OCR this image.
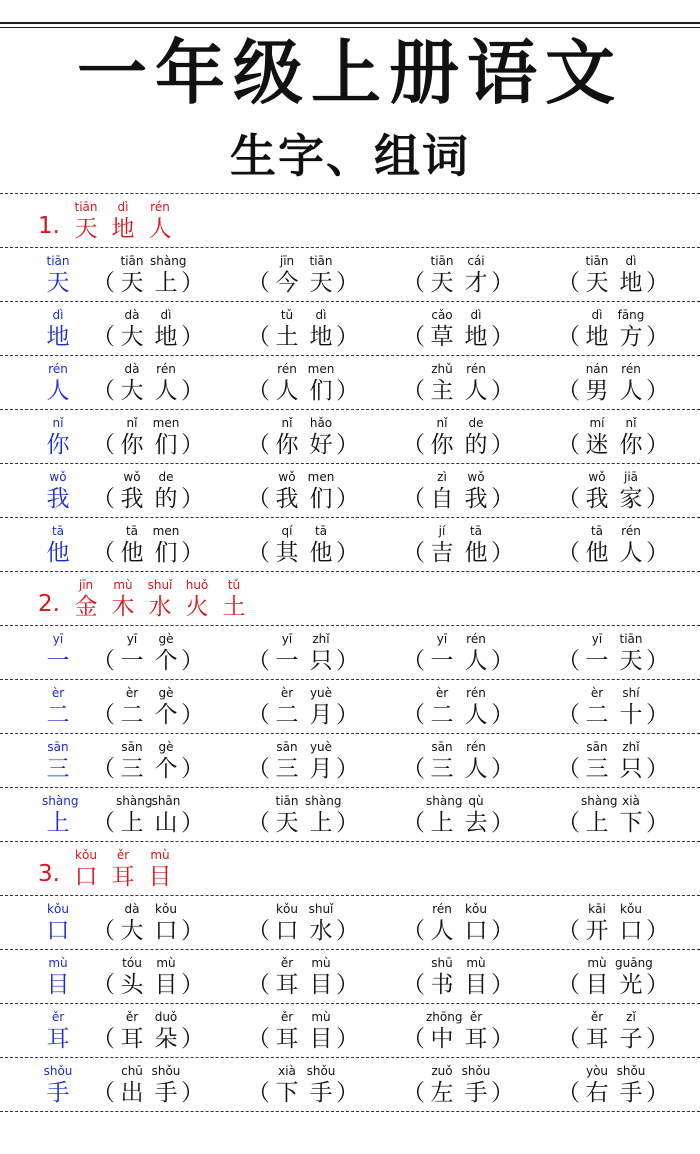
一年级上册语文
生字、组词
1.
tiān
天
dì
地
rén
人
tiān
天 （
tiān
天
shàng
上 ） （
jīn
今
tiān
天 ） （
tiān
天
cái
才 ） （
tiān
天
dì
地 ）
dì
地 （
dà
大
dì
地 ） （
tǔ
土
dì
地 ） （
cǎo
草
dì
地 ） （
dì
地
fāng
方 ）
rén
人 （
dà
大
rén
人 ） （
rén
人
men
们 ） （
zhǔ
主
rén
人 ） （
nán
男
rén
人 ）
nǐ
你 （
nǐ
你
men
们 ） （
nǐ
你
hǎo
好 ） （
nǐ
你
de
的 ） （
mí
迷
nǐ
你 ）
wǒ
我 （
wǒ
我
de
的 ） （
wǒ
我
men
们 ） （
zì
自
wǒ
我 ） （
wǒ
我
jiā
家 ）
tā
他 （
tā
他
men
们 ） （
qí
其
tā
他 ） （
jí
吉
tā
他 ） （
tā
他
rén
人 ）
2.
jīn
金
mù
木
shuǐ
水
huǒ
火
tǔ
土
yī
一 （
yī
一
gè
个 ） （
yī
一
zhǐ
只 ） （
yī
一
rén
人 ） （
yī
一
tiān
天 ）
èr
二 （
èr
二
gè
个 ） （
èr
二
yuè
月 ） （
èr
二
rén
人 ） （
èr
二
shí
十 ）
sān
三 （
sān
三
gè
个 ） （
sān
三
yuè
月 ） （
sān
三
rén
人 ） （
sān
三
zhǐ
只 ）
shàng
上 （
shàng
上
shān
山 ） （
tiān
天
shàng
上 ） （
shàng
上
qù
去 ） （
shàng
上
xià
下 ）
3.
kǒu
口
ěr
耳
mù
目
kǒu
口 （
dà
大
kǒu
口 ） （
kǒu
口
shuǐ
水 ） （
rén
人
kǒu
口 ） （
kāi
开
kǒu
口 ）
mù
目 （
tóu
头
mù
目 ） （
ěr
耳
mù
目 ） （
shū
书
mù
目 ） （
mù
目
guāng
光 ）
ěr
耳 （
ěr
耳
duǒ
朵 ） （
ěr
耳
mù
目 ） （
zhōng
中
ěr
耳 ） （
ěr
耳
zǐ
子 ）
shǒu
手 （
chū
出
shǒu
手 ） （
xià
下
shǒu
手 ） （
zuǒ
左
shǒu
手 ） （
yòu
右
shǒu
手 ）
